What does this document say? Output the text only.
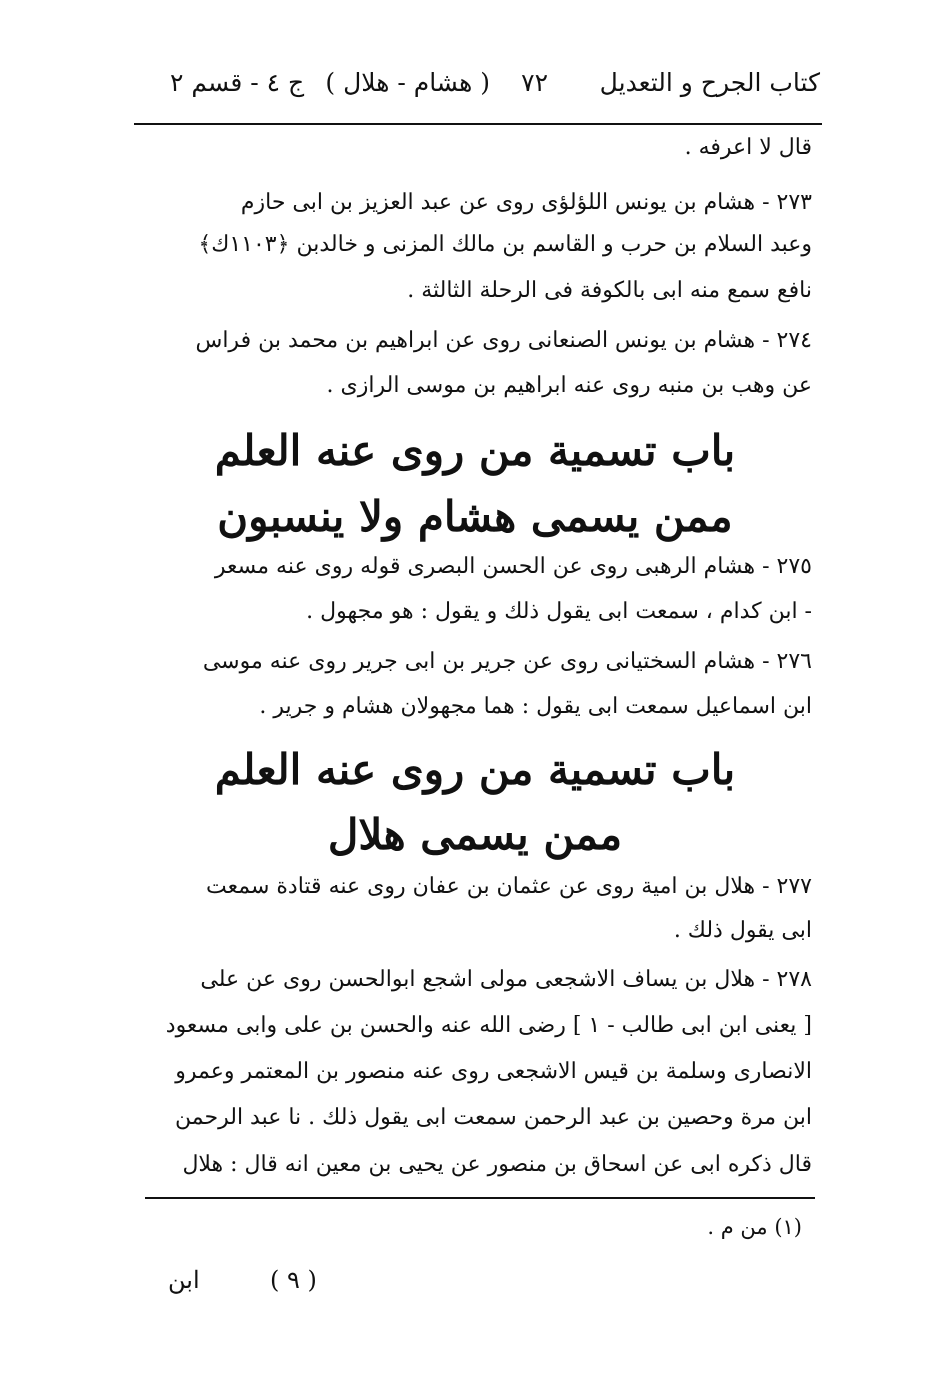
كتاب الجرح و التعديل
٧٢
( هشام - هلال )
ج ٤ - قسم ٢
قال لا اعرفه .
٢٧٣ - هشام بن يونس اللؤلؤى روى عن عبد العزيز بن ابى حازم
وعبد السلام بن حرب و القاسم بن مالك المزنى و خالدبن ﴿١١٠٣ك﴾
نافع سمع منه ابى بالكوفة فى الرحلة الثالثة .
٢٧٤ - هشام بن يونس الصنعانى روى عن ابراهيم بن محمد بن فراس
عن وهب بن منبه روى عنه ابراهيم بن موسى الرازى .
باب تسمية من روى عنه العلم
ممن يسمى هشام ولا ينسبون
٢٧٥ - هشام الرهبى روى عن الحسن البصرى قوله روى عنه مسعر
- ابن كدام ، سمعت ابى يقول ذلك و يقول : هو مجهول .
٢٧٦ - هشام السختيانى روى عن جرير بن ابى جرير روى عنه موسى
ابن اسماعيل سمعت ابى يقول : هما مجهولان هشام و جرير .
باب تسمية من روى عنه العلم
ممن يسمى هلال
٢٧٧ - هلال بن امية روى عن عثمان بن عفان روى عنه قتادة سمعت
ابى يقول ذلك .
٢٧٨ - هلال بن يساف الاشجعى مولى اشجع ابوالحسن روى عن على
[ يعنى ابن ابى طالب - ١ ] رضى الله عنه والحسن بن على وابى مسعود
الانصارى وسلمة بن قيس الاشجعى روى عنه منصور بن المعتمر وعمرو
ابن مرة وحصين بن عبد الرحمن سمعت ابى يقول ذلك . نا عبد الرحمن
قال ذكره ابى عن اسحاق بن منصور عن يحيى بن معين انه قال : هلال
(١) من م .
( ٩ )
ابن
